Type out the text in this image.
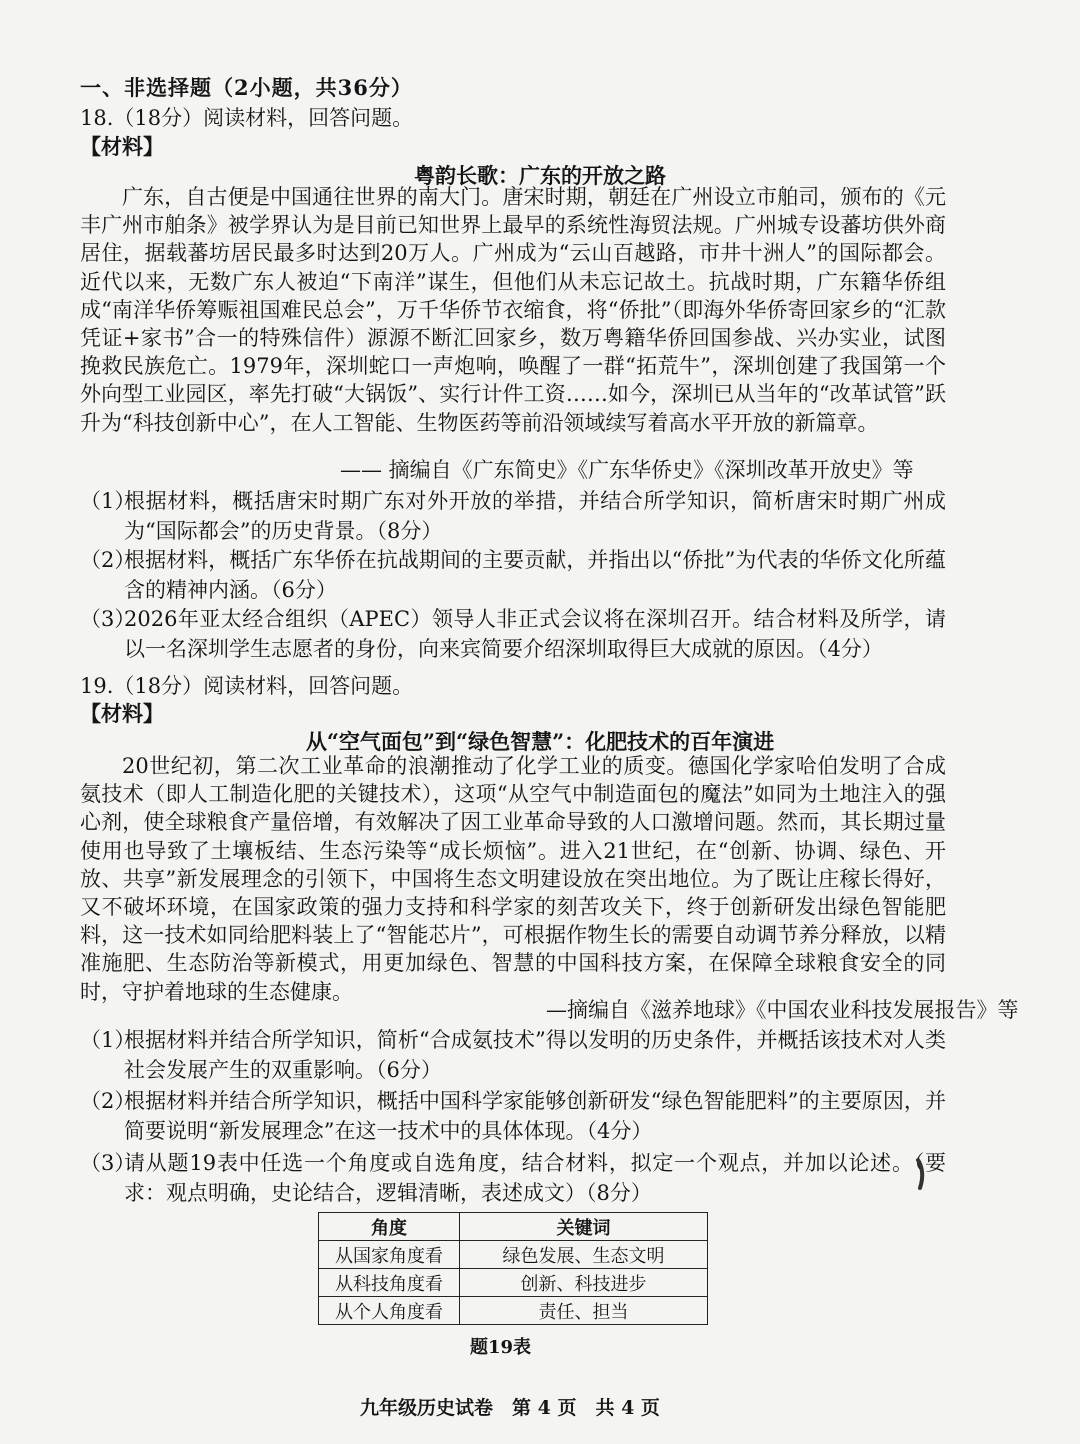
一、非选择题（2小题，共36分）
18.（18分）阅读材料，回答问题。
【材料】
粤韵长歌：广东的开放之路
广东，自古便是中国通往世界的南大门。唐宋时期，朝廷在广州设立市舶司，颁布的《元丰广州市舶条》被学界认为是目前已知世界上最早的系统性海贸法规。广州城专设蕃坊供外商居住，据载蕃坊居民最多时达到20万人。广州成为“云山百越路，市井十洲人”的国际都会。近代以来，无数广东人被迫“下南洋”谋生，但他们从未忘记故土。抗战时期，广东籍华侨组成“南洋华侨筹赈祖国难民总会”，万千华侨节衣缩食，将“侨批”（即海外华侨寄回家乡的“汇款凭证+家书”合一的特殊信件）源源不断汇回家乡，数万粤籍华侨回国参战、兴办实业，试图挽救民族危亡。1979年，深圳蛇口一声炮响，唤醒了一群“拓荒牛”，深圳创建了我国第一个外向型工业园区，率先打破“大锅饭”、实行计件工资……如今，深圳已从当年的“改革试管”跃升为“科技创新中心”，在人工智能、生物医药等前沿领域续写着高水平开放的新篇章。
—— 摘编自《广东简史》《广东华侨史》《深圳改革开放史》等
（1）
根据材料，概括唐宋时期广东对外开放的举措，并结合所学知识，简析唐宋时期广州成为“国际都会”的历史背景。（8分）
（2）
根据材料，概括广东华侨在抗战期间的主要贡献，并指出以“侨批”为代表的华侨文化所蕴含的精神内涵。（6分）
（3）
2026年亚太经合组织（APEC）领导人非正式会议将在深圳召开。结合材料及所学，请以一名深圳学生志愿者的身份，向来宾简要介绍深圳取得巨大成就的原因。（4分）
19.（18分）阅读材料，回答问题。
【材料】
从“空气面包”到“绿色智慧”：化肥技术的百年演进
20世纪初，第二次工业革命的浪潮推动了化学工业的质变。德国化学家哈伯发明了合成氨技术（即人工制造化肥的关键技术），这项“从空气中制造面包的魔法”如同为土地注入的强心剂，使全球粮食产量倍增，有效解决了因工业革命导致的人口激增问题。然而，其长期过量使用也导致了土壤板结、生态污染等“成长烦恼”。进入21世纪，在“创新、协调、绿色、开放、共享”新发展理念的引领下，中国将生态文明建设放在突出地位。为了既让庄稼长得好，又不破坏环境，在国家政策的强力支持和科学家的刻苦攻关下，终于创新研发出绿色智能肥料，这一技术如同给肥料装上了“智能芯片”，可根据作物生长的需要自动调节养分释放，以精准施肥、生态防治等新模式，用更加绿色、智慧的中国科技方案，在保障全球粮食安全的同时，守护着地球的生态健康。
—摘编自《滋养地球》《中国农业科技发展报告》等
（1）
根据材料并结合所学知识，简析“合成氨技术”得以发明的历史条件，并概括该技术对人类社会发展产生的双重影响。（6分）
（2）
根据材料并结合所学知识，概括中国科学家能够创新研发“绿色智能肥料”的主要原因，并简要说明“新发展理念”在这一技术中的具体体现。（4分）
（3）
请从题19表中任选一个角度或自选角度，结合材料，拟定一个观点，并加以论述。（要求：观点明确，史论结合，逻辑清晰，表述成文）（8分）
角度	关键词
从国家角度看	绿色发展、生态文明
从科技角度看	创新、科技进步
从个人角度看	责任、担当
题19表
九年级历史试卷　第 4 页　共 4 页
